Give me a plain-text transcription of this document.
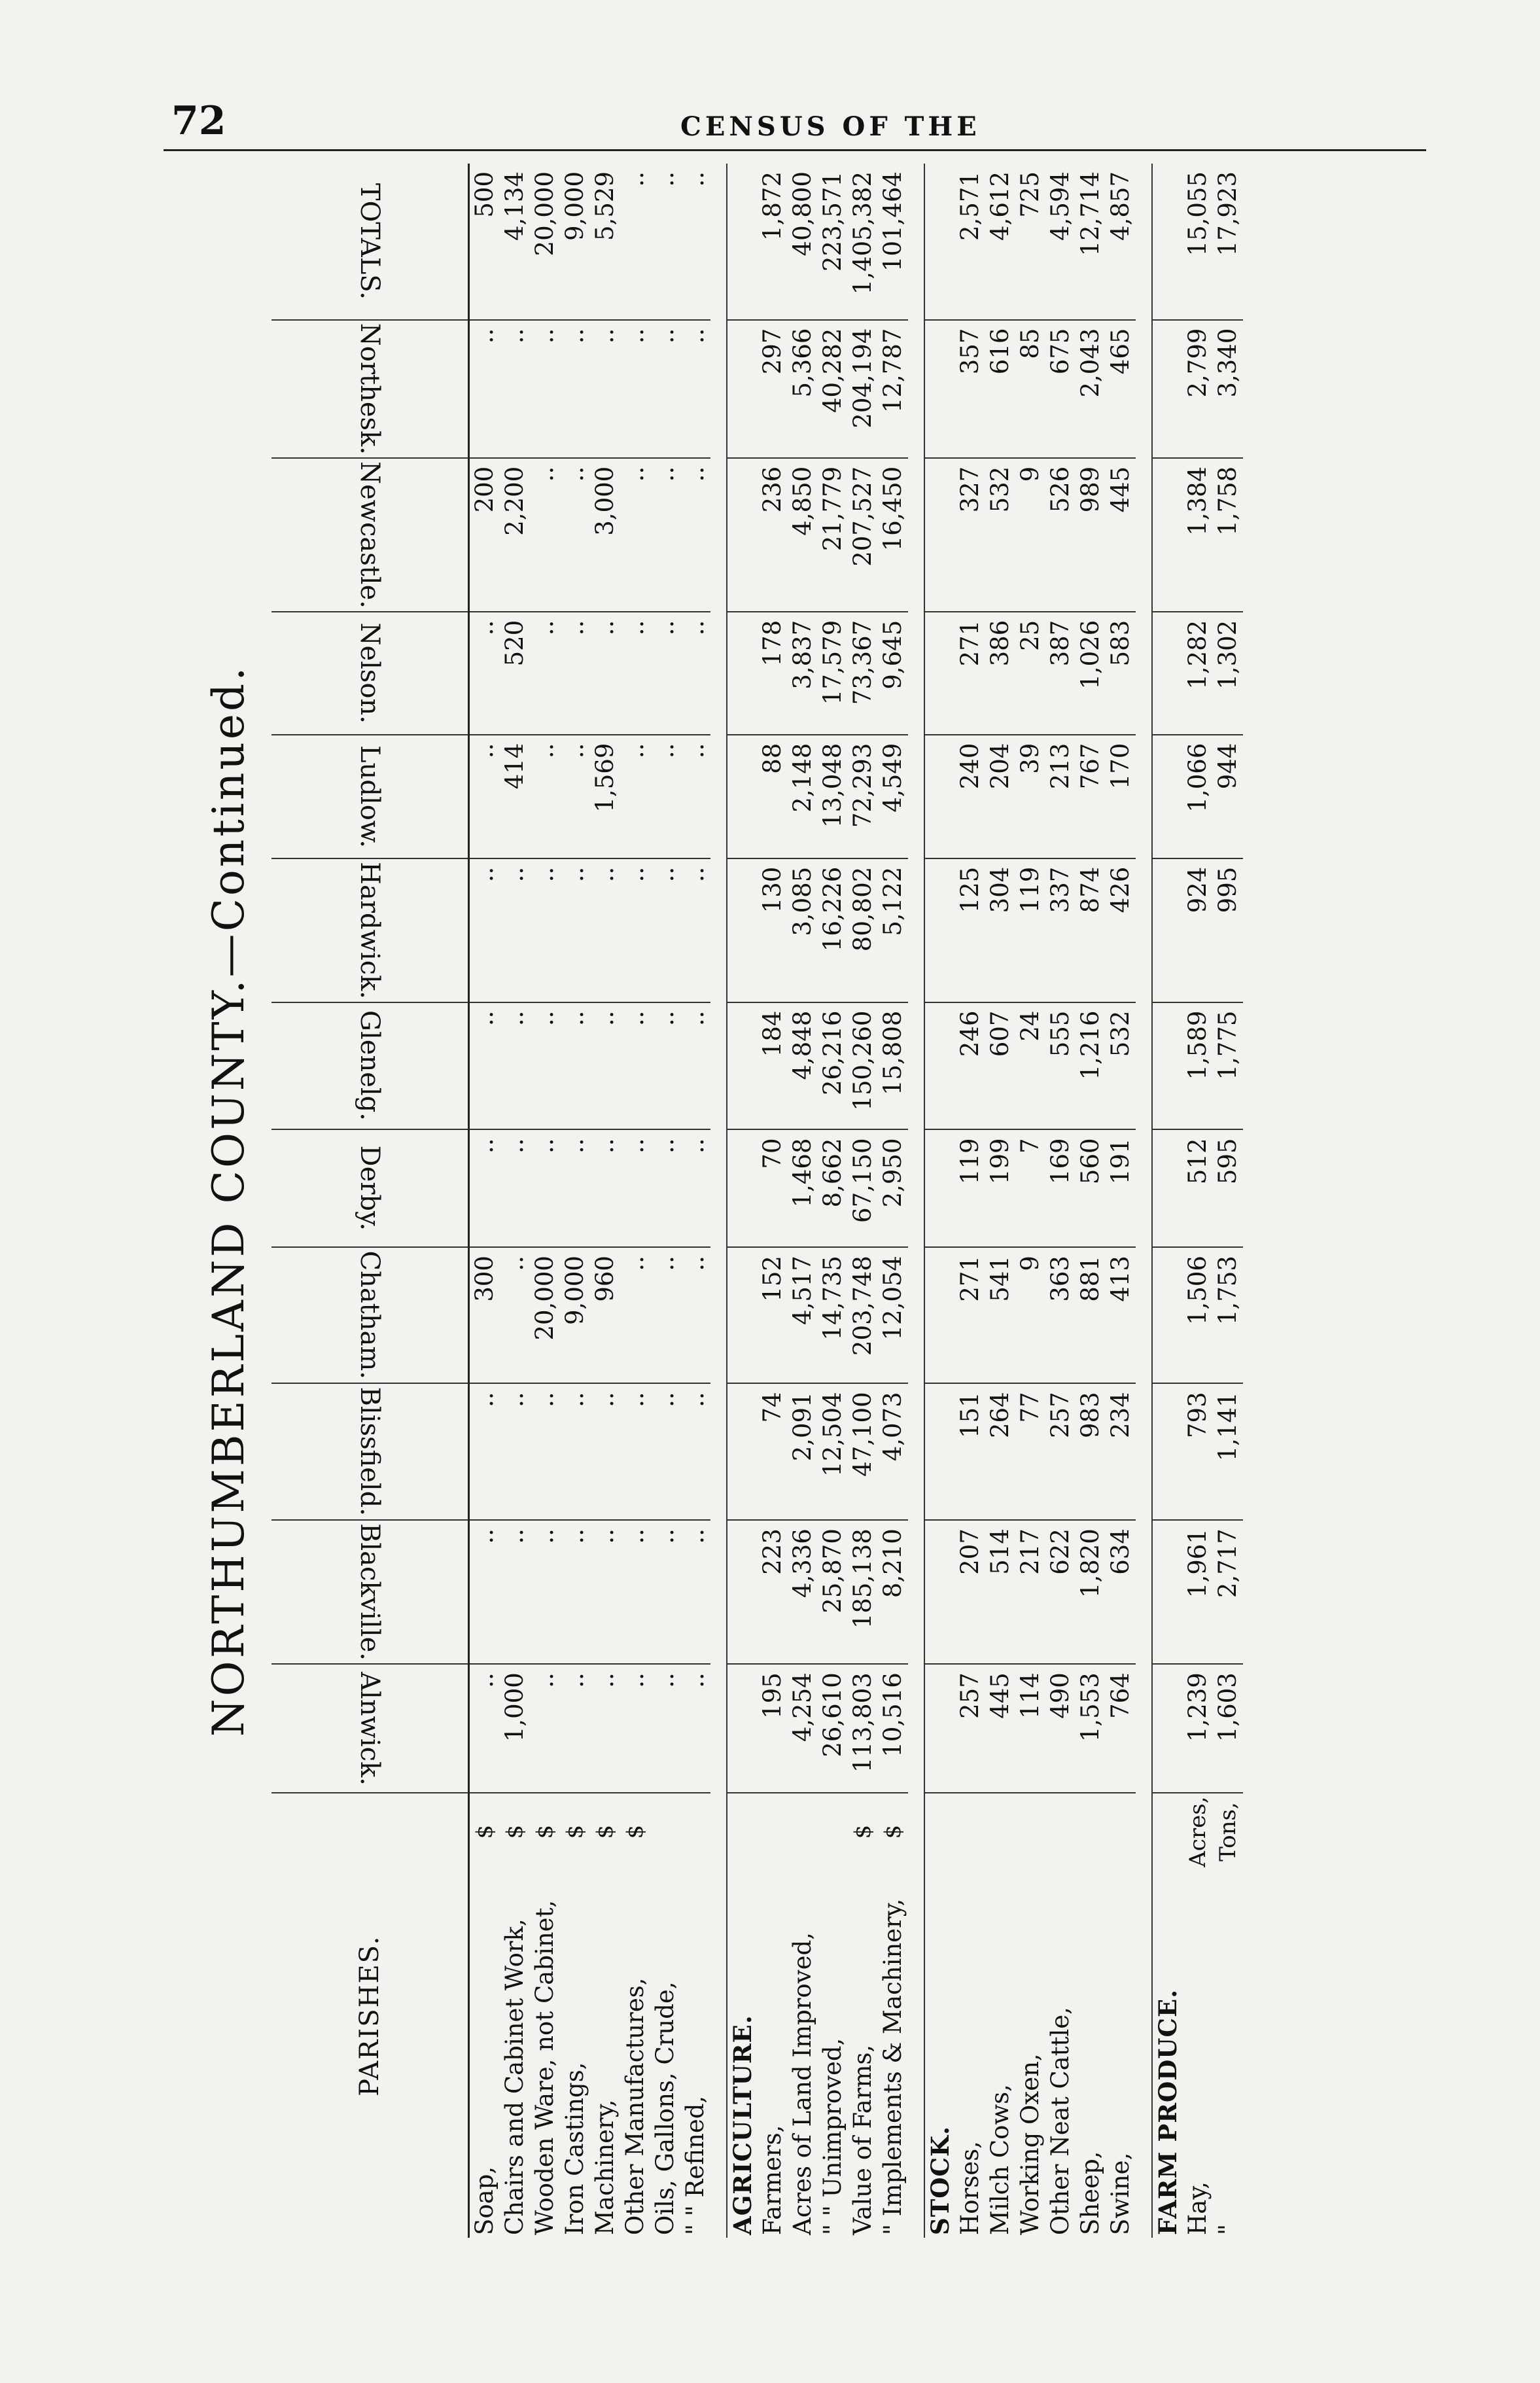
72	CENSUS OF THE
NORTHUMBERLAND COUNTY.—Continued.
PARISHES.		Alnwick.	Blackville.	Blissfield.	Chatham.	Derby.	Glenelg.	Hardwick.	Ludlow.	Nelson.	Newcastle.	Northesk.	TOTALS.
Soap,	$	..	..	..	300	..	..	..	..	..	200	..	500
Chairs and Cabinet Work,	$	1,000	..	..	..	..	..	..	414	520	2,200	..	4,134
Wooden Ware, not Cabinet,	$	..	..	..	20,000	..	..	..	..	..	..	..	20,000
Iron Castings,	$	..	..	..	9,000	..	..	..	..	..	..	..	9,000
Machinery,	$	..	..	..	960	..	..	..	1,569	..	3,000	..	5,529
Other Manufactures,	$	..	..	..	..	..	..	..	..	..	..	..	..
Oils, Gallons, Crude,		..	..	..	..	..	..	..	..	..	..	..	..
" " Refined,		..	..	..	..	..	..	..	..	..	..	..	..

AGRICULTURE.													
Farmers,		195	223	74	152	70	184	130	88	178	236	297	1,872
Acres of Land Improved,		4,254	4,336	2,091	4,517	1,468	4,848	3,085	2,148	3,837	4,850	5,366	40,800
" " Unimproved,		26,610	25,870	12,504	14,735	8,662	26,216	16,226	13,048	17,579	21,779	40,282	223,571
Value of Farms,	$	113,803	185,138	47,100	203,748	67,150	150,260	80,802	72,293	73,367	207,527	204,194	1,405,382
" Implements & Machinery,	$	10,516	8,210	4,073	12,054	2,950	15,808	5,122	4,549	9,645	16,450	12,787	101,464

STOCK.													
Horses,		257	207	151	271	119	246	125	240	271	327	357	2,571
Milch Cows,		445	514	264	541	199	607	304	204	386	532	616	4,612
Working Oxen,		114	217	77	9	7	24	119	39	25	9	85	725
Other Neat Cattle,		490	622	257	363	169	555	337	213	387	526	675	4,594
Sheep,		1,553	1,820	983	881	560	1,216	874	767	1,026	989	2,043	12,714
Swine,		764	634	234	413	191	532	426	170	583	445	465	4,857

FARM PRODUCE.													
Hay,	Acres,	1,239	1,961	793	1,506	512	1,589	924	1,066	1,282	1,384	2,799	15,055
"	Tons,	1,603	2,717	1,141	1,753	595	1,775	995	944	1,302	1,758	3,340	17,923
